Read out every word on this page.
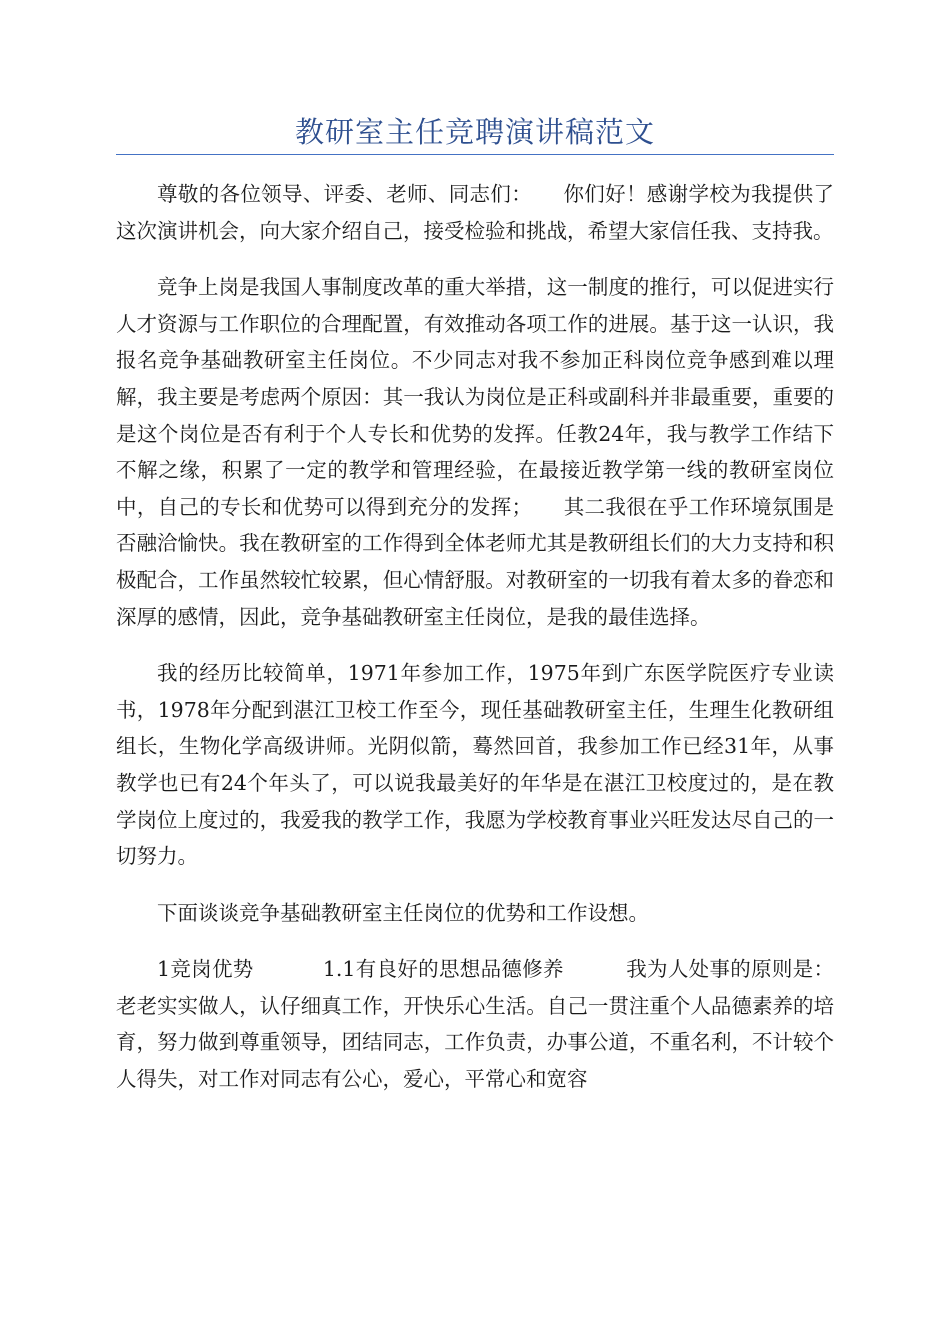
教研室主任竞聘演讲稿范文

尊敬的各位领导、评委、老师、同志们：　　你们好！感谢学校为我提供了这次演讲机会，向大家介绍自己，接受检验和挑战，希望大家信任我、支持我。

竞争上岗是我国人事制度改革的重大举措，这一制度的推行，可以促进实行人才资源与工作职位的合理配置，有效推动各项工作的进展。基于这一认识，我报名竞争基础教研室主任岗位。不少同志对我不参加正科岗位竞争感到难以理解，我主要是考虑两个原因：其一我认为岗位是正科或副科并非最重要，重要的是这个岗位是否有利于个人专长和优势的发挥。任教24年，我与教学工作结下不解之缘，积累了一定的教学和管理经验，在最接近教学第一线的教研室岗位中，自己的专长和优势可以得到充分的发挥；　　其二我很在乎工作环境氛围是否融洽愉快。我在教研室的工作得到全体老师尤其是教研组长们的大力支持和积极配合，工作虽然较忙较累，但心情舒服。对教研室的一切我有着太多的眷恋和深厚的感情，因此，竞争基础教研室主任岗位，是我的最佳选择。

我的经历比较简单，1971年参加工作，1975年到广东医学院医疗专业读书，1978年分配到湛江卫校工作至今，现任基础教研室主任，生理生化教研组组长，生物化学高级讲师。光阴似箭，蓦然回首，我参加工作已经31年，从事教学也已有24个年头了，可以说我最美好的年华是在湛江卫校度过的，是在教学岗位上度过的，我爱我的教学工作，我愿为学校教育事业兴旺发达尽自己的一切努力。

下面谈谈竞争基础教研室主任岗位的优势和工作设想。

1竞岗优势　　　 1.1有良好的思想品德修养　　　我为人处事的原则是：老老实实做人，认仔细真工作，开快乐心生活。自己一贯注重个人品德素养的培育，努力做到尊重领导，团结同志，工作负责，办事公道，不重名利，不计较个人得失，对工作对同志有公心，爱心，平常心和宽容
